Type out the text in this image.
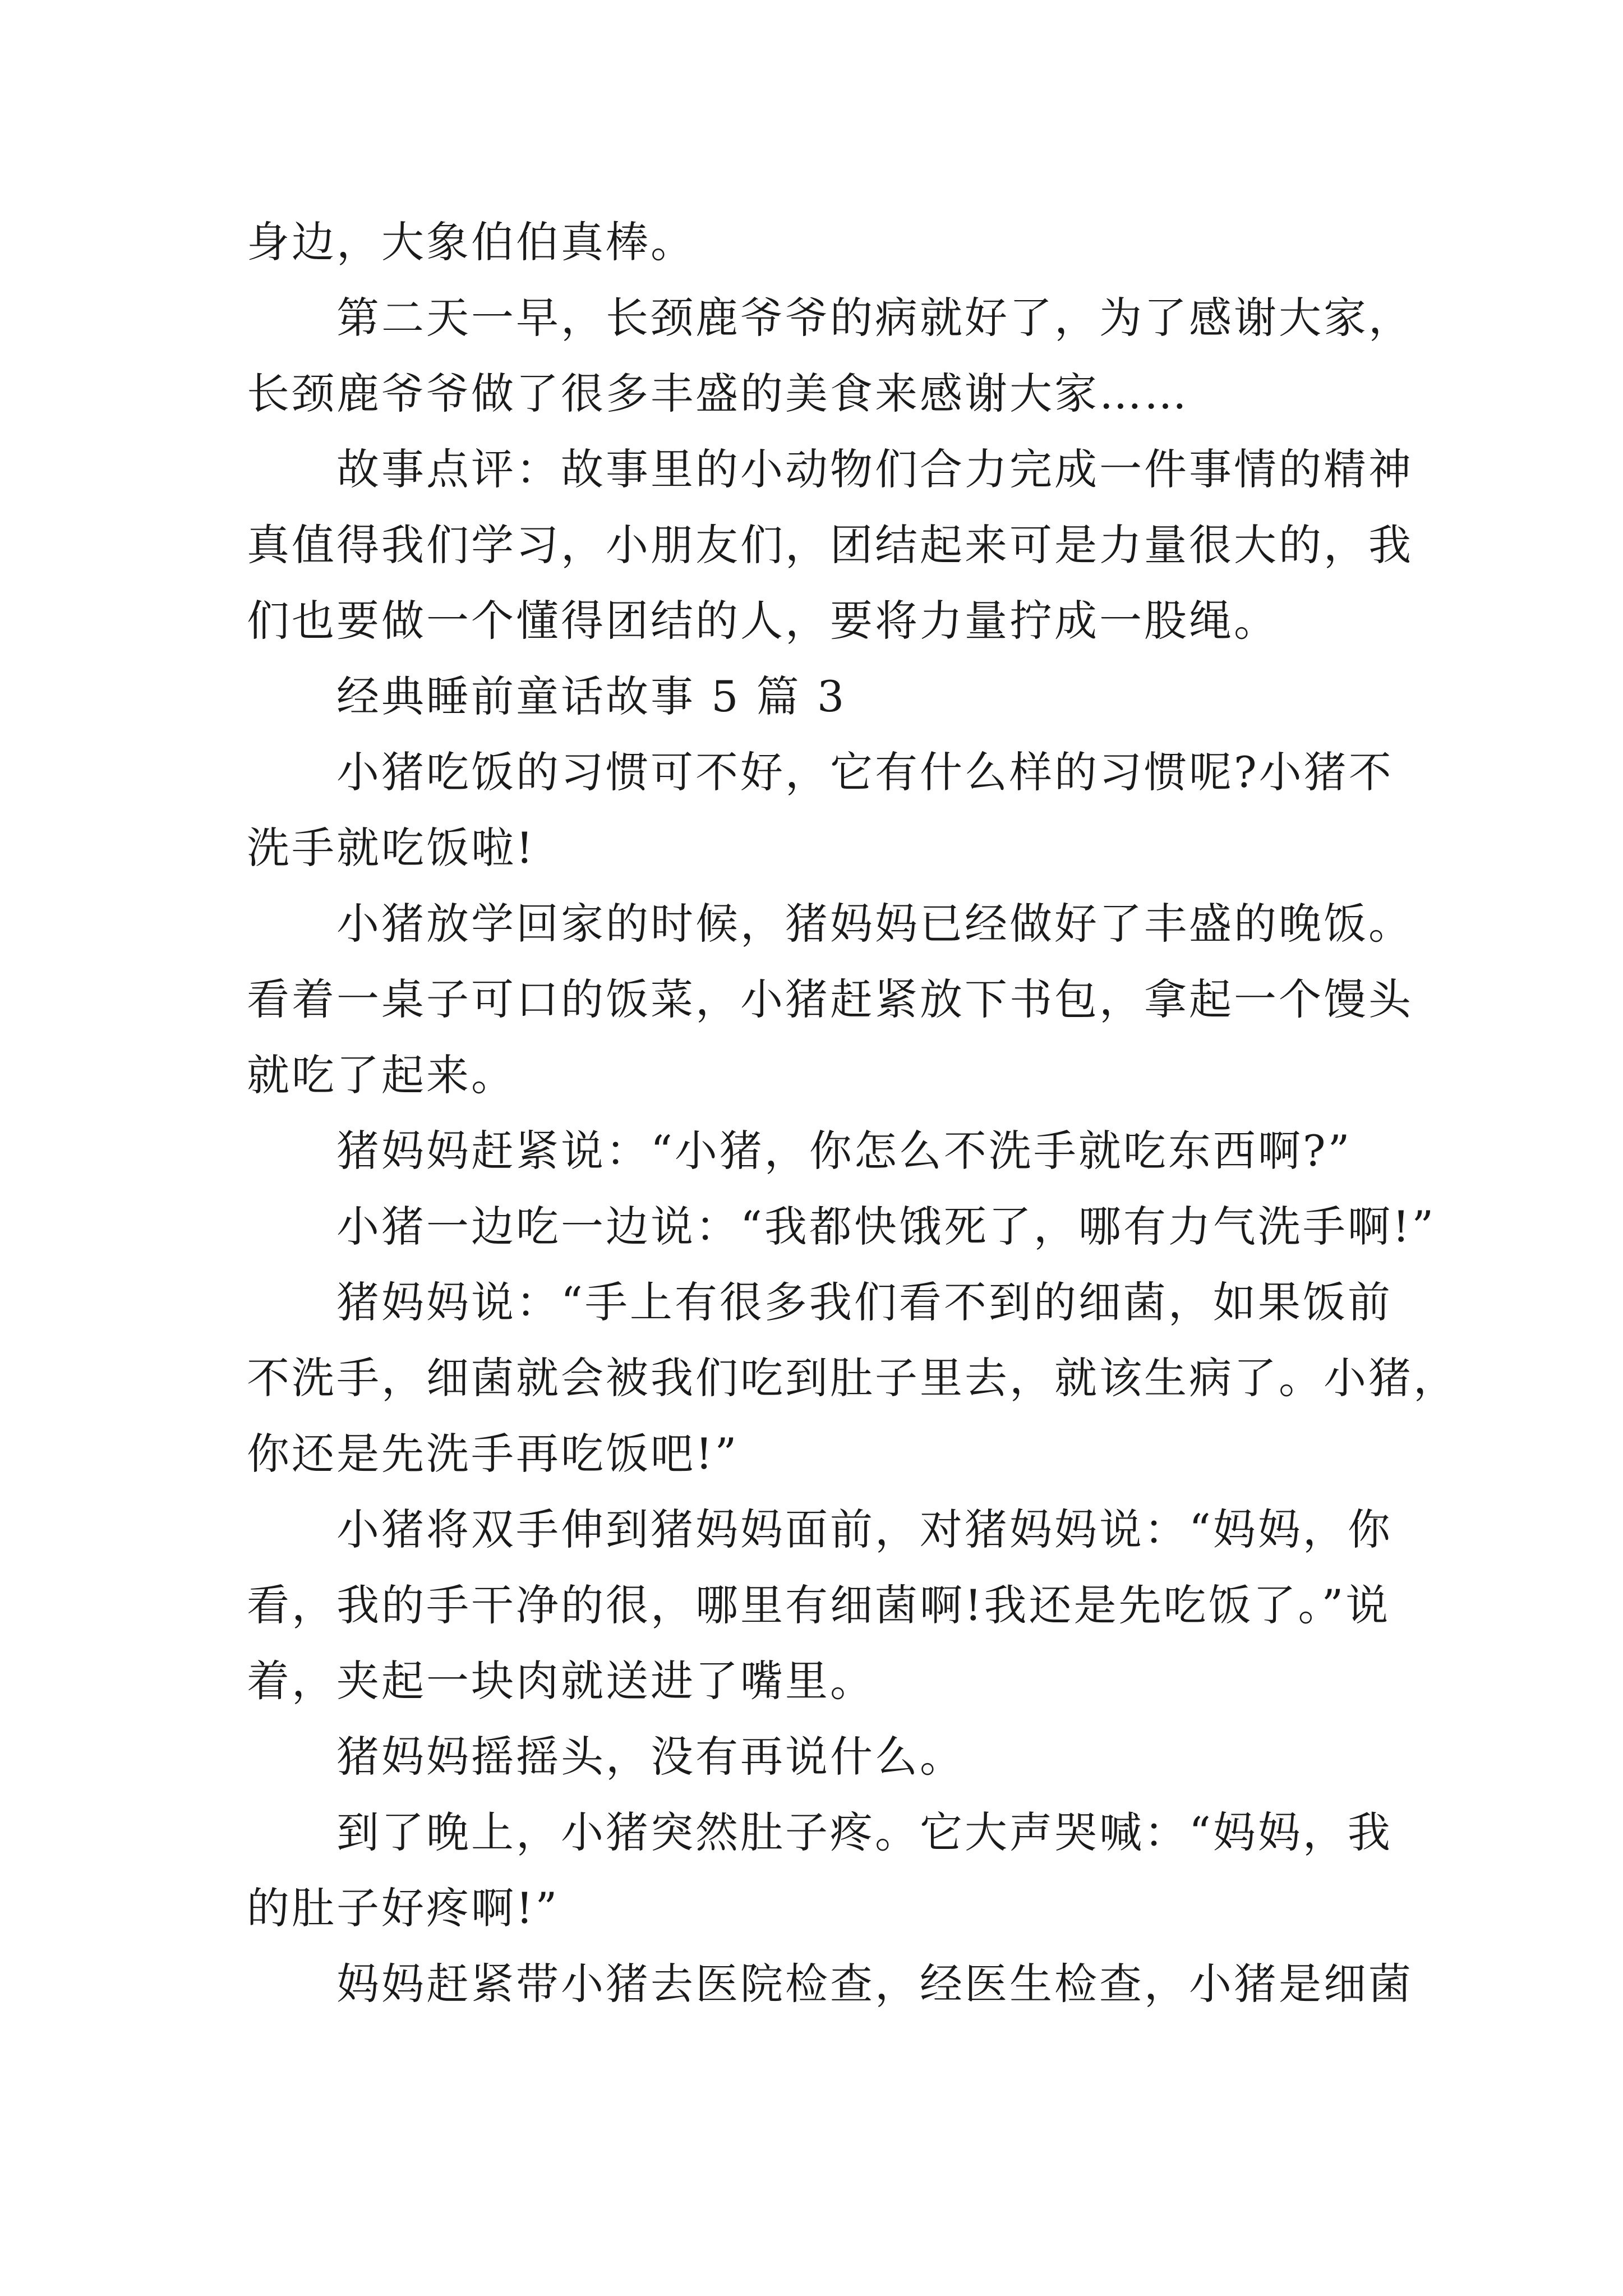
身边，大象伯伯真棒。
第二天一早，长颈鹿爷爷的病就好了，为了感谢大家，
长颈鹿爷爷做了很多丰盛的美食来感谢大家……
故事点评：故事里的小动物们合力完成一件事情的精神
真值得我们学习，小朋友们，团结起来可是力量很大的，我
们也要做一个懂得团结的人，要将力量拧成一股绳。
经典睡前童话故事 5 篇 3
小猪吃饭的习惯可不好，它有什么样的习惯呢?小猪不
洗手就吃饭啦!
小猪放学回家的时候，猪妈妈已经做好了丰盛的晚饭。
看着一桌子可口的饭菜，小猪赶紧放下书包，拿起一个馒头
就吃了起来。
猪妈妈赶紧说：“小猪，你怎么不洗手就吃东西啊?”
小猪一边吃一边说：“我都快饿死了，哪有力气洗手啊!”
猪妈妈说：“手上有很多我们看不到的细菌，如果饭前
不洗手，细菌就会被我们吃到肚子里去，就该生病了。小猪，
你还是先洗手再吃饭吧!”
小猪将双手伸到猪妈妈面前，对猪妈妈说：“妈妈，你
看，我的手干净的很，哪里有细菌啊!我还是先吃饭了。”说
着，夹起一块肉就送进了嘴里。
猪妈妈摇摇头，没有再说什么。
到了晚上，小猪突然肚子疼。它大声哭喊：“妈妈，我
的肚子好疼啊!”
妈妈赶紧带小猪去医院检查，经医生检查，小猪是细菌
